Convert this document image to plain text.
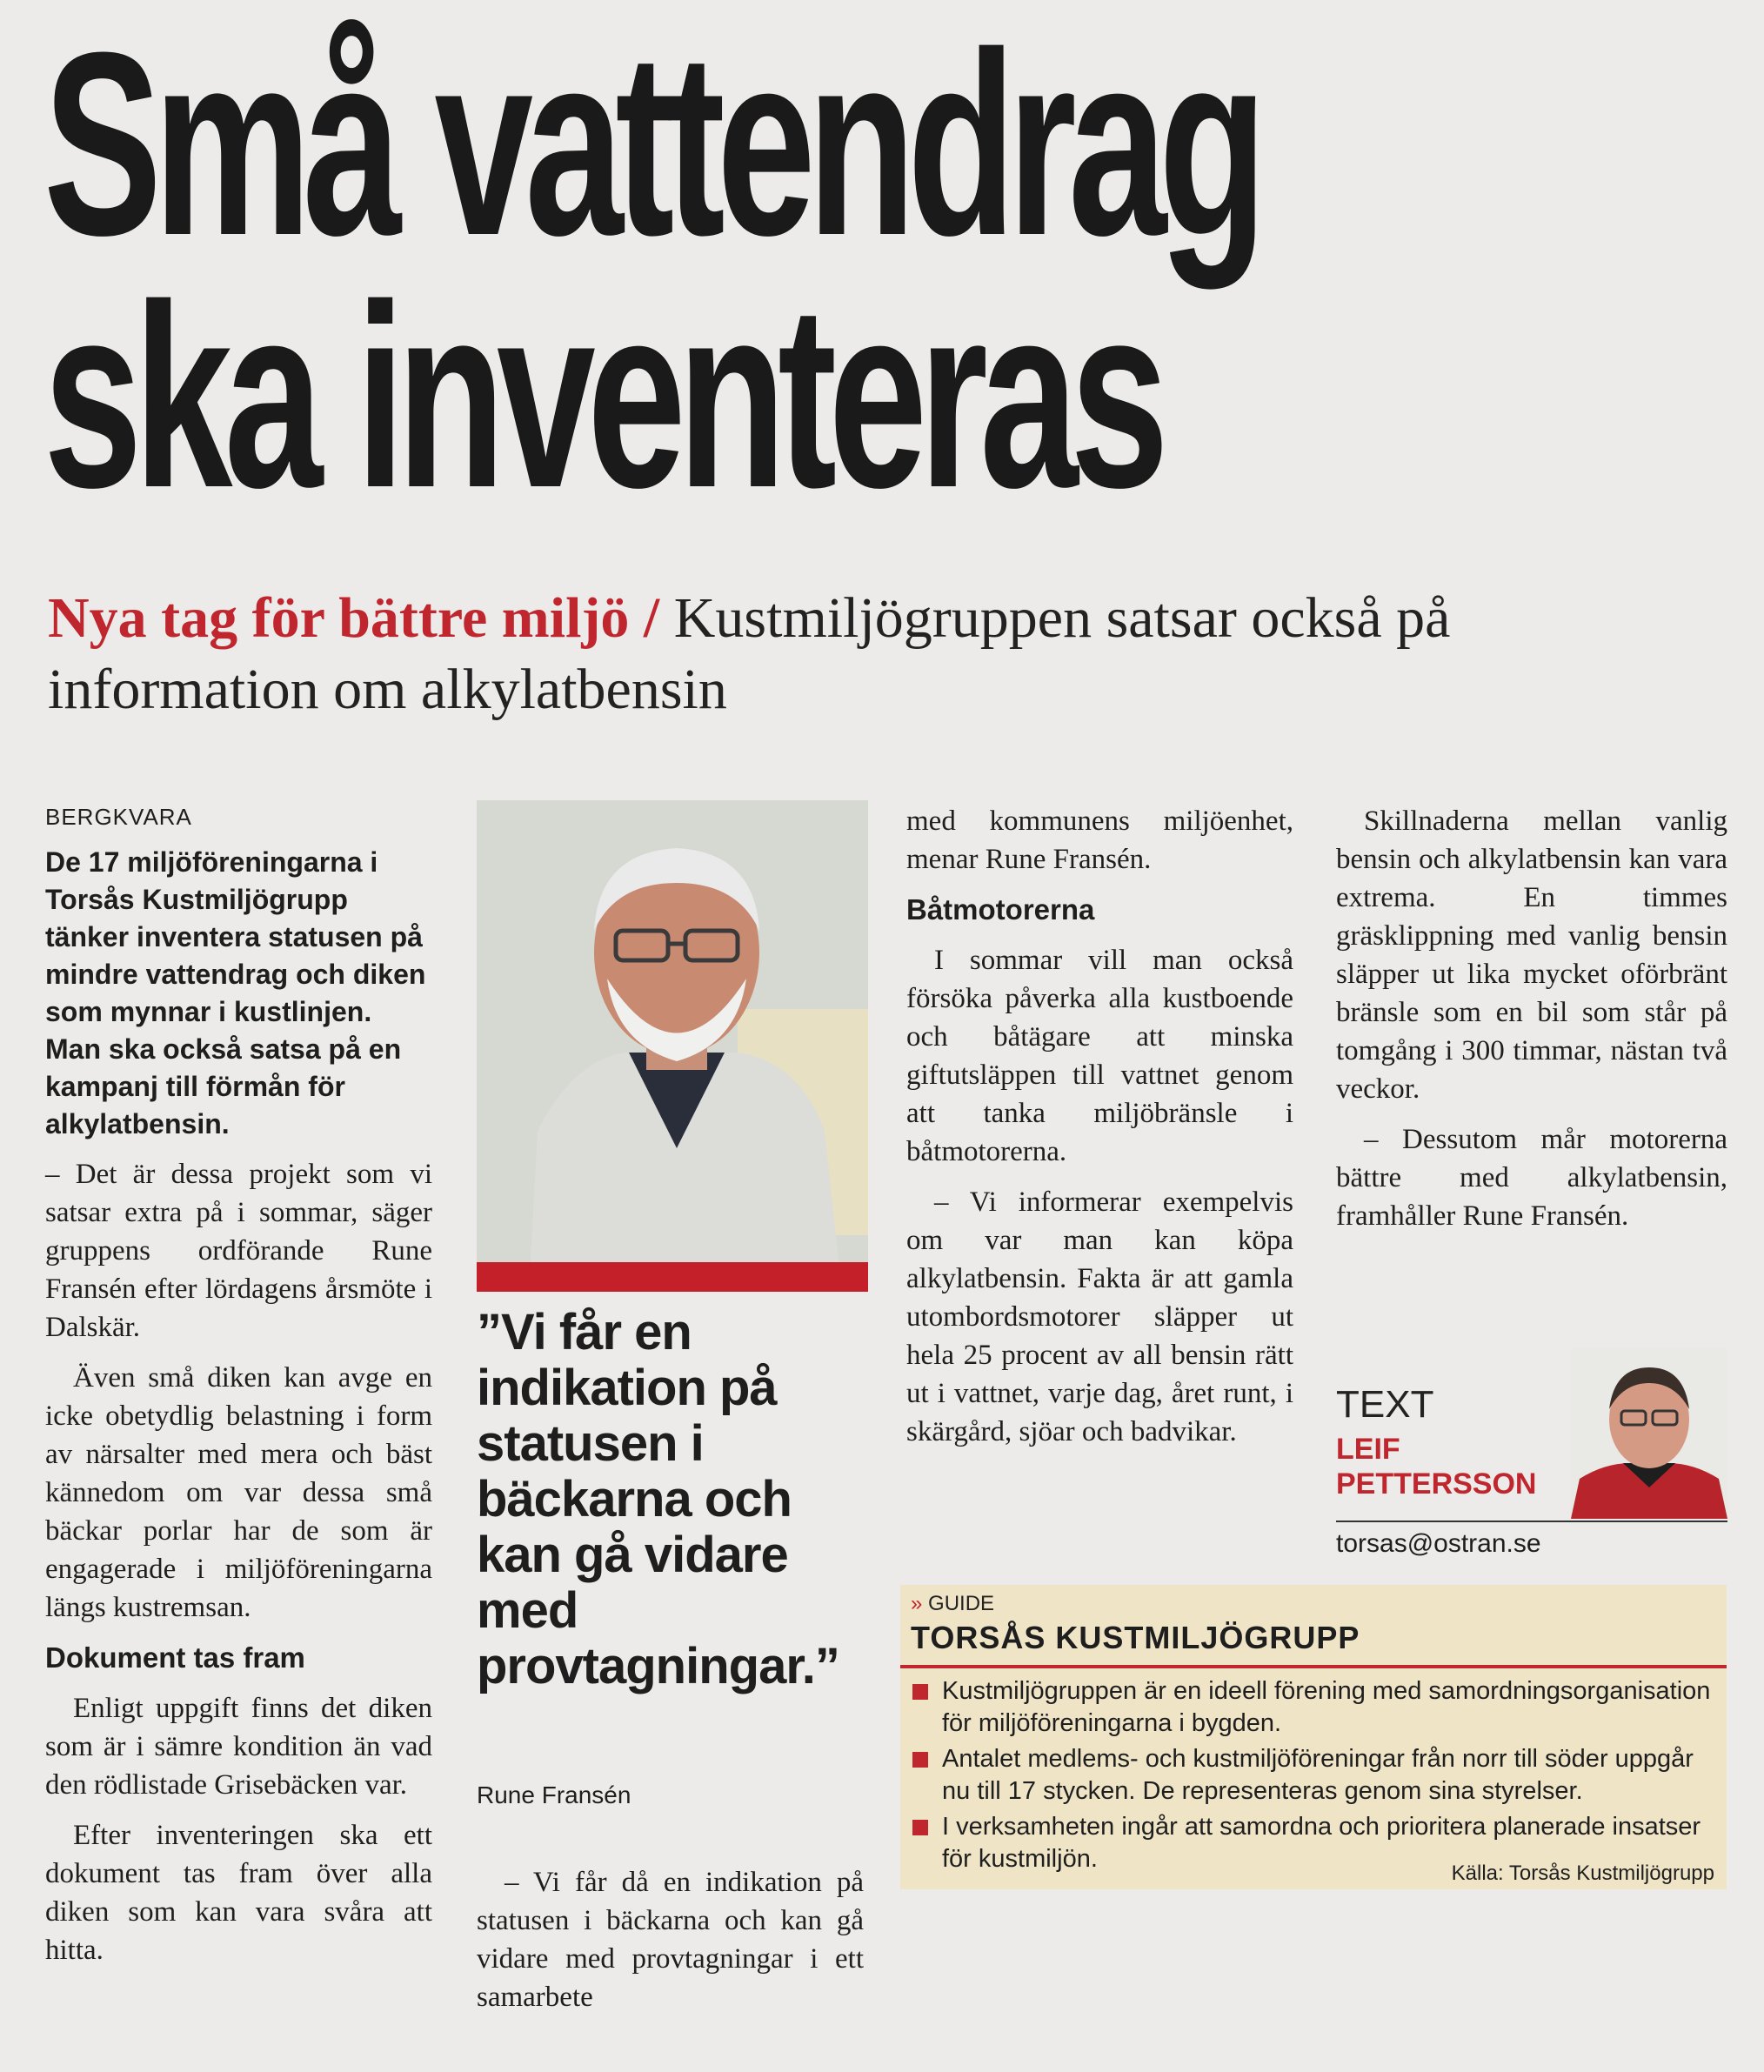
Små vattendrag
ska inventeras

Nya tag för bättre miljö / Kustmiljögruppen satsar också på information om alkylatbensin

BERGKVARA

De 17 miljöföreningarna i Torsås Kustmiljögrupp tänker inventera statusen på mindre vattendrag och diken som mynnar i kustlinjen. Man ska också satsa på en kampanj till förmån för alkylatbensin.

– Det är dessa projekt som vi satsar extra på i sommar, säger gruppens ordförande Rune Fransén efter lördagens årsmöte i Dalskär.

Även små diken kan avge en icke obetydlig belastning i form av närsalter med mera och bäst kännedom om var dessa små bäckar porlar har de som är engagerade i miljöföreningarna längs kustremsan.

Dokument tas fram

Enligt uppgift finns det diken som är i sämre kondition än vad den rödlistade Grisebäcken var.

Efter inventeringen ska ett dokument tas fram över alla diken som kan vara svåra att hitta.

”Vi får en indikation på statusen i bäckarna och kan gå vidare med provtagningar.”

Rune Fransén

– Vi får då en indikation på statusen i bäckarna och kan gå vidare med provtagningar i ett samarbete

med kommunens miljöenhet, menar Rune Fransén.

Båtmotorerna

I sommar vill man också försöka påverka alla kustboende och båtägare att minska giftutsläppen till vattnet genom att tanka miljöbränsle i båtmotorerna.

– Vi informerar exempelvis om var man kan köpa alkylatbensin. Fakta är att gamla utombordsmotorer släpper ut hela 25 procent av all bensin rätt ut i vattnet, varje dag, året runt, i skärgård, sjöar och badvikar.

Skillnaderna mellan vanlig bensin och alkylatbensin kan vara extrema. En timmes gräsklippning med vanlig bensin släpper ut lika mycket oförbränt bränsle som en bil som står på tomgång i 300 timmar, nästan två veckor.

– Dessutom mår motorerna bättre med alkylatbensin, framhåller Rune Fransén.

TEXT
LEIF
PETTERSSON
torsas@ostran.se
» GUIDE
TORSÅS KUSTMILJÖGRUPP
Kustmiljögruppen är en ideell förening med samordningsorganisation för miljöföreningarna i bygden.
Antalet medlems- och kustmiljöföreningar från norr till söder uppgår nu till 17 stycken. De representeras genom sina styrelser.
I verksamheten ingår att samordna och prioritera planerade insatser för kustmiljön.
Källa: Torsås Kustmiljögrupp
